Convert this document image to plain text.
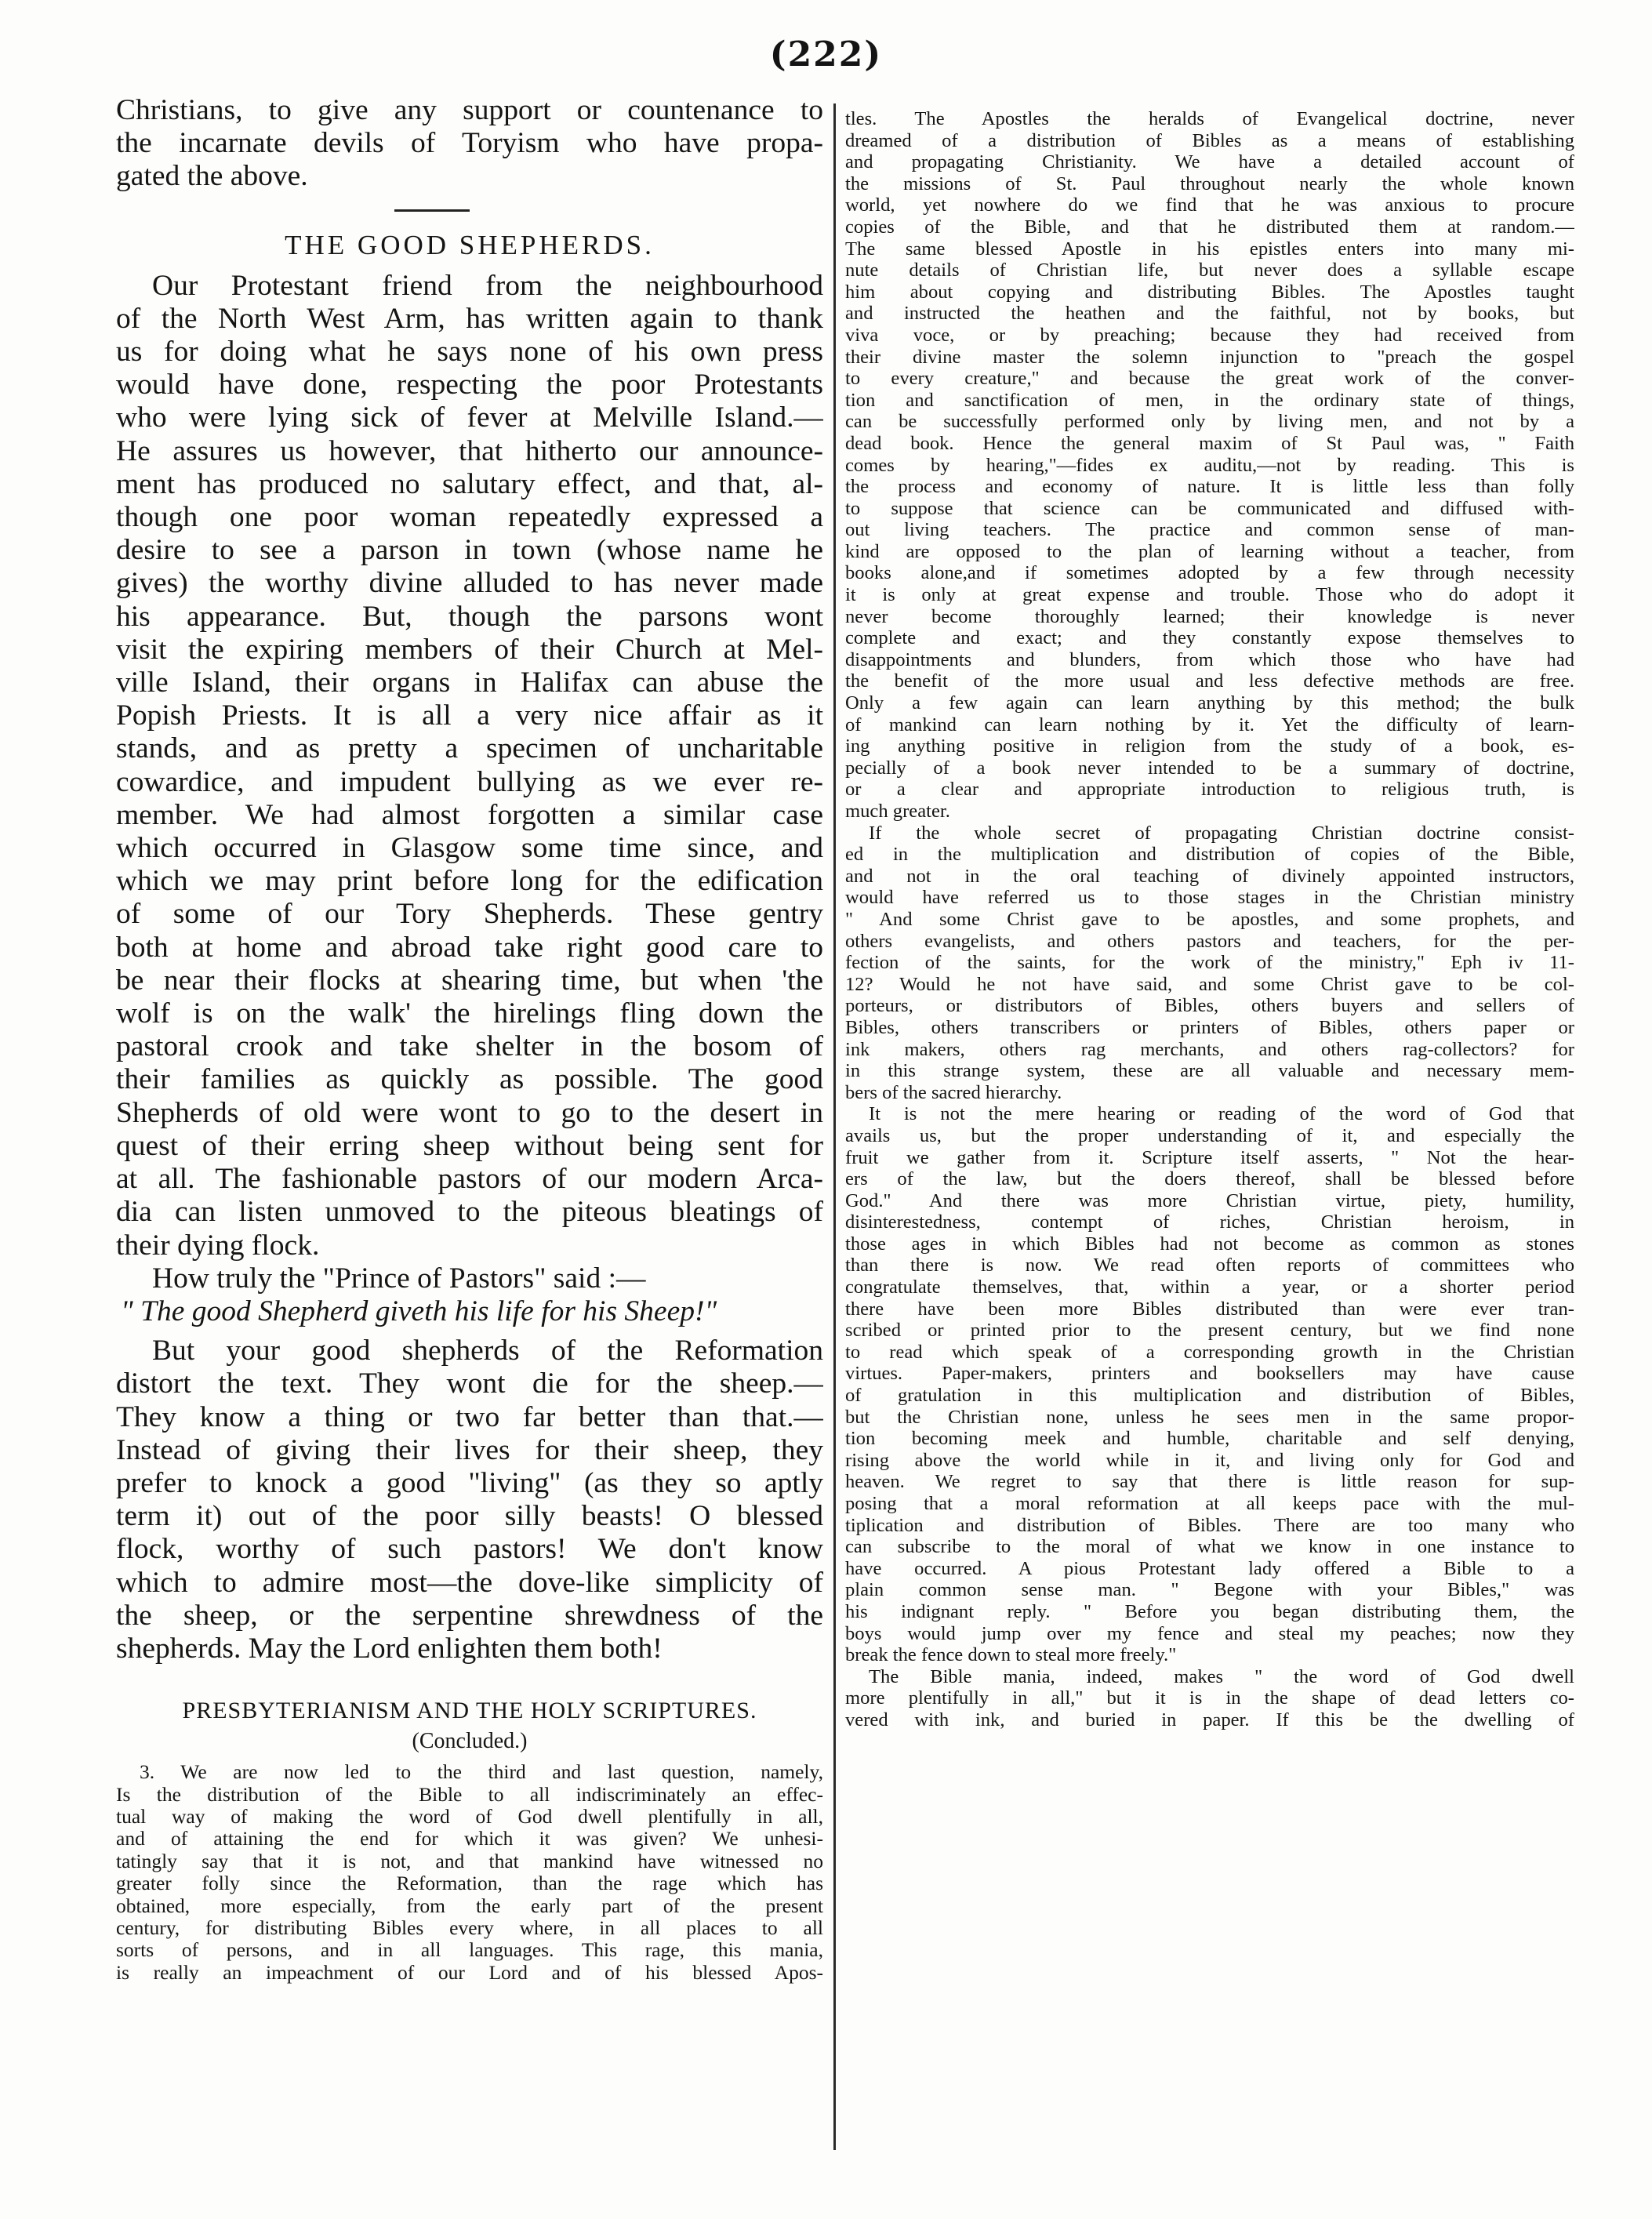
(222)
Christians, to give any support or countenance to
the incarnate devils of Toryism who have propa-
gated the above.
THE GOOD SHEPHERDS.
Our Protestant friend from the neighbourhood
of the North West Arm, has written again to thank
us for doing what he says none of his own press
would have done, respecting the poor Protestants
who were lying sick of fever at Melville Island.—
He assures us however, that hitherto our announce-
ment has produced no salutary effect, and that, al-
though one poor woman repeatedly expressed a
desire to see a parson in town (whose name he
gives) the worthy divine alluded to has never made
his appearance. But, though the parsons wont
visit the expiring members of their Church at Mel-
ville Island, their organs in Halifax can abuse the
Popish Priests. It is all a very nice affair as it
stands, and as pretty a specimen of uncharitable
cowardice, and impudent bullying as we ever re-
member. We had almost forgotten a similar case
which occurred in Glasgow some time since, and
which we may print before long for the edification
of some of our Tory Shepherds. These gentry
both at home and abroad take right good care to
be near their flocks at shearing time, but when 'the
wolf is on the walk' the hirelings fling down the
pastoral crook and take shelter in the bosom of
their families as quickly as possible. The good
Shepherds of old were wont to go to the desert in
quest of their erring sheep without being sent for
at all. The fashionable pastors of our modern Arca-
dia can listen unmoved to the piteous bleatings of
their dying flock.
How truly the "Prince of Pastors" said :—
" The good Shepherd giveth his life for his Sheep!"
But your good shepherds of the Reformation
distort the text. They wont die for the sheep.—
They know a thing or two far better than that.—
Instead of giving their lives for their sheep, they
prefer to knock a good "living" (as they so aptly
term it) out of the poor silly beasts! O blessed
flock, worthy of such pastors! We don't know
which to admire most—the dove-like simplicity of
the sheep, or the serpentine shrewdness of the
shepherds. May the Lord enlighten them both!
PRESBYTERIANISM AND THE HOLY SCRIPTURES.
(Concluded.)
3. We are now led to the third and last question, namely,
Is the distribution of the Bible to all indiscriminately an effec-
tual way of making the word of God dwell plentifully in all,
and of attaining the end for which it was given? We unhesi-
tatingly say that it is not, and that mankind have witnessed no
greater folly since the Reformation, than the rage which has
obtained, more especially, from the early part of the present
century, for distributing Bibles every where, in all places to all
sorts of persons, and in all languages. This rage, this mania,
is really an impeachment of our Lord and of his blessed Apos-
tles. The Apostles the heralds of Evangelical doctrine, never
dreamed of a distribution of Bibles as a means of establishing
and propagating Christianity. We have a detailed account of
the missions of St. Paul throughout nearly the whole known
world, yet nowhere do we find that he was anxious to procure
copies of the Bible, and that he distributed them at random.—
The same blessed Apostle in his epistles enters into many mi-
nute details of Christian life, but never does a syllable escape
him about copying and distributing Bibles. The Apostles taught
and instructed the heathen and the faithful, not by books, but
viva voce, or by preaching; because they had received from
their divine master the solemn injunction to "preach the gospel
to every creature," and because the great work of the conver-
tion and sanctification of men, in the ordinary state of things,
can be successfully performed only by living men, and not by a
dead book. Hence the general maxim of St Paul was, " Faith
comes by hearing,"—fides ex auditu,—not by reading. This is
the process and economy of nature. It is little less than folly
to suppose that science can be communicated and diffused with-
out living teachers. The practice and common sense of man-
kind are opposed to the plan of learning without a teacher, from
books alone,and if sometimes adopted by a few through necessity
it is only at great expense and trouble. Those who do adopt it
never become thoroughly learned; their knowledge is never
complete and exact; and they constantly expose themselves to
disappointments and blunders, from which those who have had
the benefit of the more usual and less defective methods are free.
Only a few again can learn anything by this method; the bulk
of mankind can learn nothing by it. Yet the difficulty of learn-
ing anything positive in religion from the study of a book, es-
pecially of a book never intended to be a summary of doctrine,
or a clear and appropriate introduction to religious truth, is
much greater.
If the whole secret of propagating Christian doctrine consist-
ed in the multiplication and distribution of copies of the Bible,
and not in the oral teaching of divinely appointed instructors,
would have referred us to those stages in the Christian ministry
" And some Christ gave to be apostles, and some prophets, and
others evangelists, and others pastors and teachers, for the per-
fection of the saints, for the work of the ministry," Eph iv 11-
12? Would he not have said, and some Christ gave to be col-
porteurs, or distributors of Bibles, others buyers and sellers of
Bibles, others transcribers or printers of Bibles, others paper or
ink makers, others rag merchants, and others rag-collectors? for
in this strange system, these are all valuable and necessary mem-
bers of the sacred hierarchy.
It is not the mere hearing or reading of the word of God that
avails us, but the proper understanding of it, and especially the
fruit we gather from it. Scripture itself asserts, " Not the hear-
ers of the law, but the doers thereof, shall be blessed before
God." And there was more Christian virtue, piety, humility,
disinterestedness, contempt of riches, Christian heroism, in
those ages in which Bibles had not become as common as stones
than there is now. We read often reports of committees who
congratulate themselves, that, within a year, or a shorter period
there have been more Bibles distributed than were ever tran-
scribed or printed prior to the present century, but we find none
to read which speak of a corresponding growth in the Christian
virtues. Paper-makers, printers and booksellers may have cause
of gratulation in this multiplication and distribution of Bibles,
but the Christian none, unless he sees men in the same propor-
tion becoming meek and humble, charitable and self denying,
rising above the world while in it, and living only for God and
heaven. We regret to say that there is little reason for sup-
posing that a moral reformation at all keeps pace with the mul-
tiplication and distribution of Bibles. There are too many who
can subscribe to the moral of what we know in one instance to
have occurred. A pious Protestant lady offered a Bible to a
plain common sense man. " Begone with your Bibles," was
his indignant reply. " Before you began distributing them, the
boys would jump over my fence and steal my peaches; now they
break the fence down to steal more freely."
The Bible mania, indeed, makes " the word of God dwell
more plentifully in all," but it is in the shape of dead letters co-
vered with ink, and buried in paper. If this be the dwelling of
